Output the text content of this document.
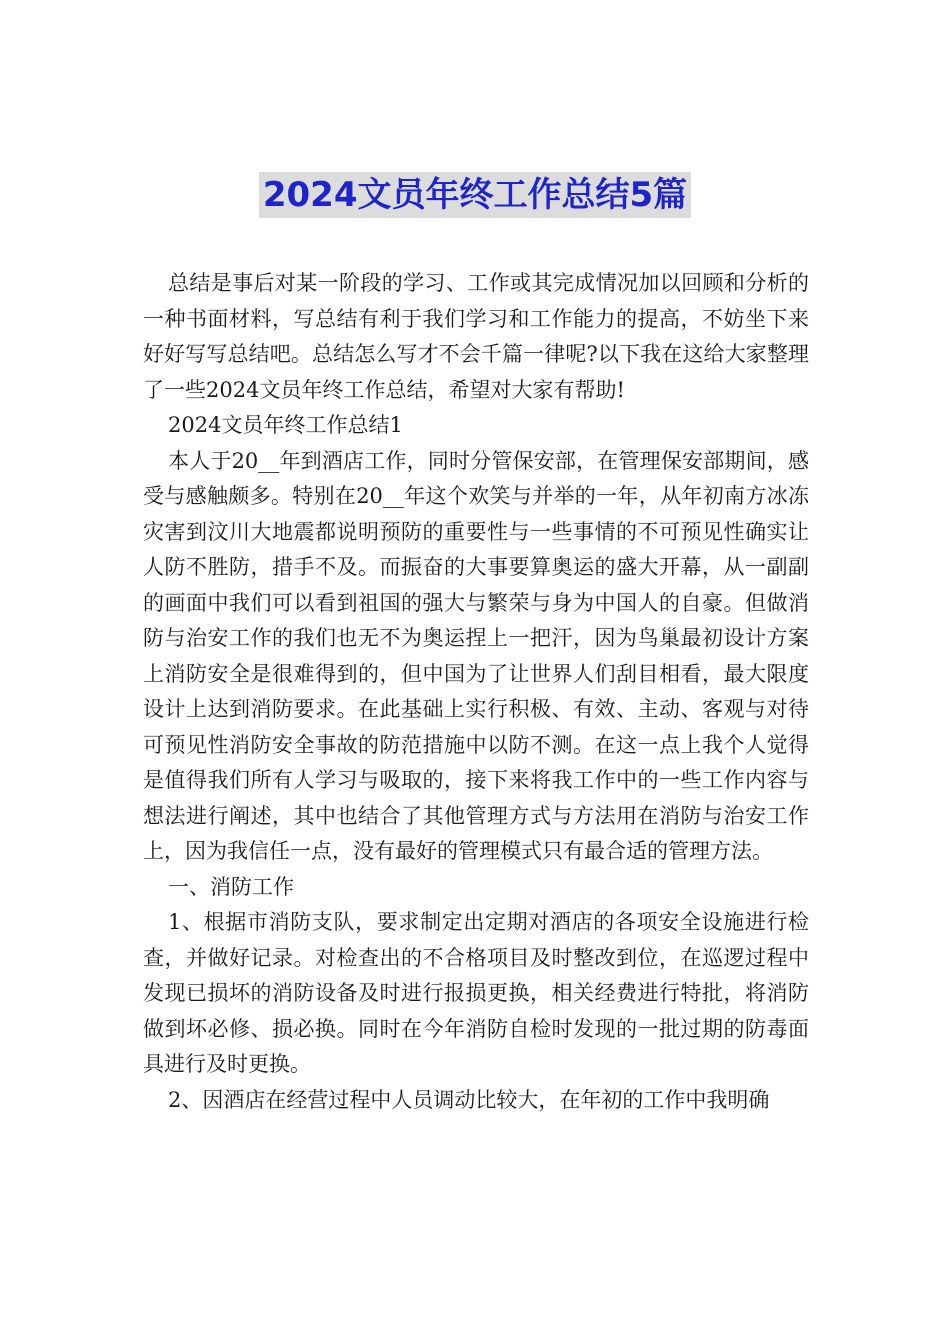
2024文员年终工作总结5篇

总结是事后对某一阶段的学习、工作或其完成情况加以回顾和分析的一种书面材料，写总结有利于我们学习和工作能力的提高，不妨坐下来好好写写总结吧。总结怎么写才不会千篇一律呢?以下我在这给大家整理了一些2024文员年终工作总结，希望对大家有帮助!

2024文员年终工作总结1

本人于20__年到酒店工作，同时分管保安部，在管理保安部期间，感受与感触颇多。特别在20__年这个欢笑与并举的一年，从年初南方冰冻灾害到汶川大地震都说明预防的重要性与一些事情的不可预见性确实让人防不胜防，措手不及。而振奋的大事要算奥运的盛大开幕，从一副副的画面中我们可以看到祖国的强大与繁荣与身为中国人的自豪。但做消防与治安工作的我们也无不为奥运捏上一把汗，因为鸟巢最初设计方案上消防安全是很难得到的，但中国为了让世界人们刮目相看，最大限度设计上达到消防要求。在此基础上实行积极、有效、主动、客观与对待可预见性消防安全事故的防范措施中以防不测。在这一点上我个人觉得是值得我们所有人学习与吸取的，接下来将我工作中的一些工作内容与想法进行阐述，其中也结合了其他管理方式与方法用在消防与治安工作上，因为我信任一点，没有最好的管理模式只有最合适的管理方法。

一、消防工作

1、根据市消防支队，要求制定出定期对酒店的各项安全设施进行检查，并做好记录。对检查出的不合格项目及时整改到位，在巡逻过程中发现已损坏的消防设备及时进行报损更换，相关经费进行特批，将消防做到坏必修、损必换。同时在今年消防自检时发现的一批过期的防毒面具进行及时更换。

2、因酒店在经营过程中人员调动比较大，在年初的工作中我明确
